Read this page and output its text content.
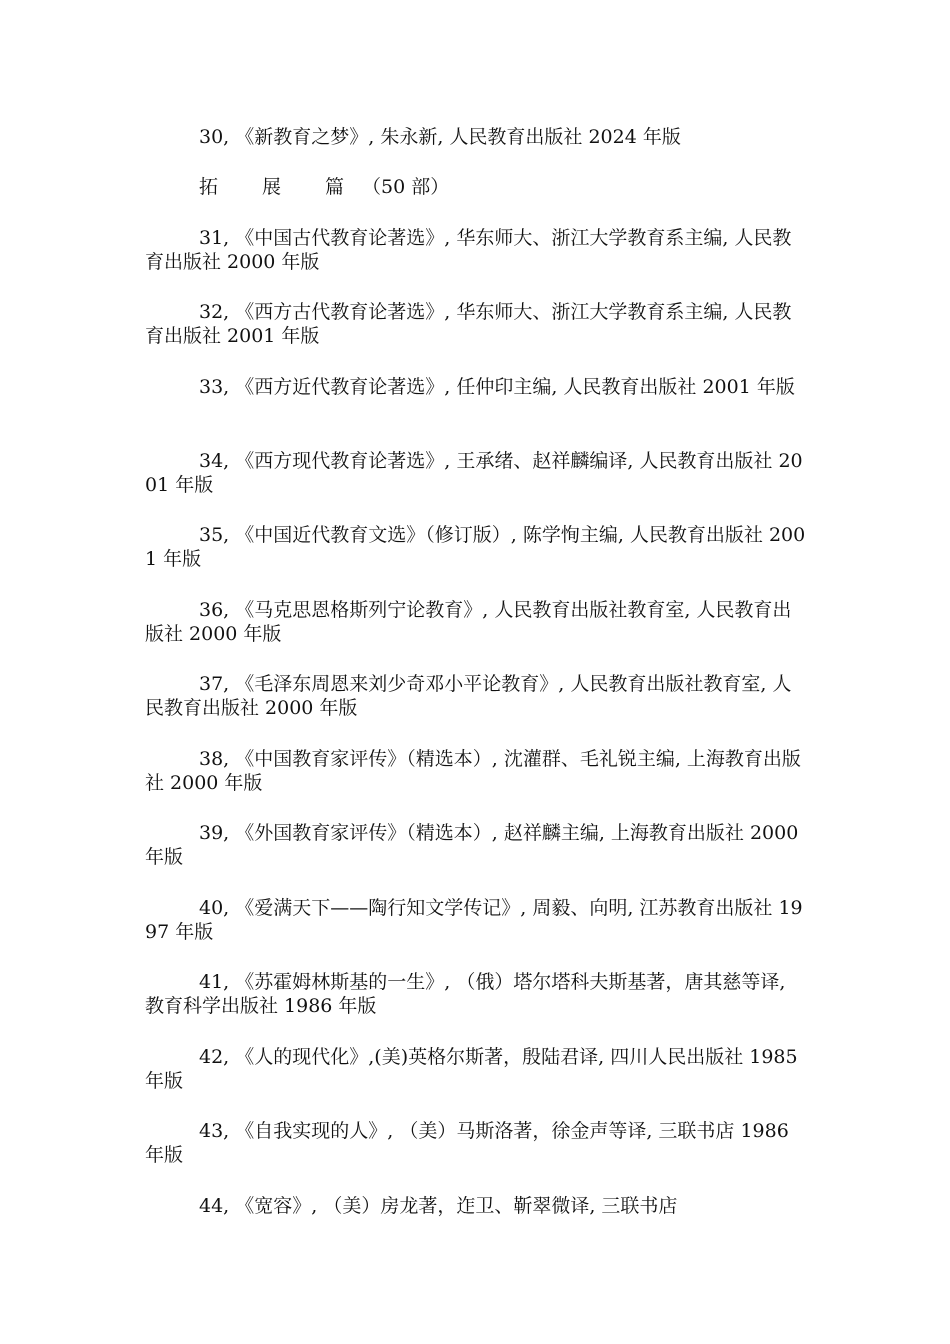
30, 《新教育之梦》, 朱永新, 人民教育出版社 2024 年版

拓 展 篇 （50 部）

31, 《中国古代教育论著选》, 华东师大、浙江大学教育系主编, 人民教育出版社 2000 年版

32, 《西方古代教育论著选》, 华东师大、浙江大学教育系主编, 人民教育出版社 2001 年版

33, 《西方近代教育论著选》, 任仲印主编, 人民教育出版社 2001 年版

34, 《西方现代教育论著选》, 王承绪、赵祥麟编译, 人民教育出版社 2001 年版

35, 《中国近代教育文选》（修订版）, 陈学恂主编, 人民教育出版社 2001 年版

36, 《马克思恩格斯列宁论教育》, 人民教育出版社教育室, 人民教育出版社 2000 年版

37, 《毛泽东周恩来刘少奇邓小平论教育》, 人民教育出版社教育室, 人民教育出版社 2000 年版

38, 《中国教育家评传》（精选本）, 沈灌群、毛礼锐主编, 上海教育出版社 2000 年版

39, 《外国教育家评传》（精选本）, 赵祥麟主编, 上海教育出版社 2000 年版

40, 《爱满天下——陶行知文学传记》, 周毅、向明, 江苏教育出版社 1997 年版

41, 《苏霍姆林斯基的一生》, （俄）塔尔塔科夫斯基著，唐其慈等译, 教育科学出版社 1986 年版

42, 《人的现代化》,(美)英格尔斯著，殷陆君译, 四川人民出版社 1985 年版

43, 《自我实现的人》, （美）马斯洛著，徐金声等译, 三联书店 1986 年版

44, 《宽容》, （美）房龙著，迮卫、靳翠微译, 三联书店
